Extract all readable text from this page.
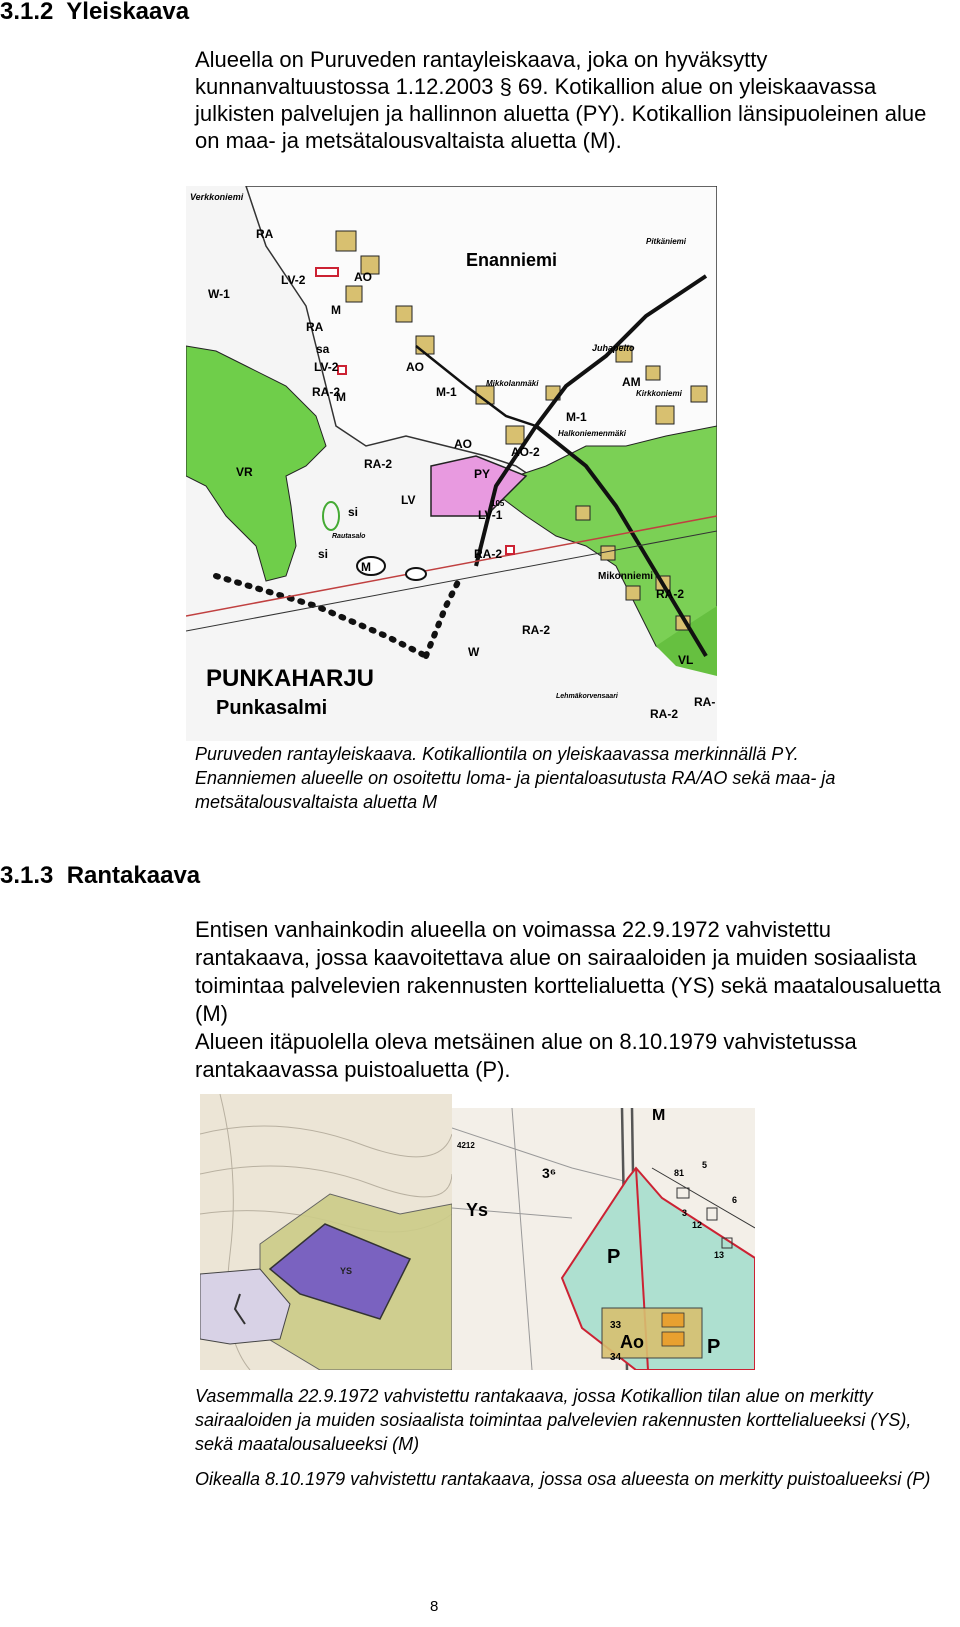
3.1.2  Yleiskaava

Alueella on Puruveden rantayleiskaava, joka on hyväksytty kunnanvaltuustossa 1.12.2003 § 69. Kotikallion alue on yleiskaavassa julkisten palvelujen ja hallinnon aluetta (PY). Kotikallion länsipuoleinen alue on maa- ja metsätalousvaltaista aluetta (M).

Verkkoniemi
Enanniemi
Pitkäniemi
Mikkolanmäki
Halkoniemenmäki
Kirkkoniemi
Juhapelto
Mikonniemi
Rautasalo
105
PUNKAHARJU
Punkasalmi
Lehmäkorvensaari
RA
AO
LV-2
W-1
M
RA
sa
LV-2
RA-2
AO
VR
M-1
AO-2
AO
M
AM
M-1
PY
LV
LV-1
RA-2
RA-2
si
si
M
W
RA-2
RA-2
VL
RA-2
RA-

Puruveden rantayleiskaava. Kotikalliontila on yleiskaavassa merkinnällä PY.

Enanniemen alueelle on osoitettu loma- ja pientaloasutusta RA/AO sekä maa- ja metsätalousvaltaista aluetta M

3.1.3  Rantakaava

Entisen vanhainkodin alueella on voimassa 22.9.1972 vahvistettu rantakaava, jossa kaavoitettava alue on sairaaloiden ja muiden sosiaalista toimintaa palvelevien rakennusten korttelialuetta (YS) sekä maatalousaluetta (M)

Alueen itäpuolella oleva metsäinen alue on 8.10.1979 vahvistetussa rantakaavassa puistoaluetta (P).

YS
M
Ys
4212
3⁶
P
P
Ao
33
34
81
5
6
12
13
3

Vasemmalla 22.9.1972 vahvistettu rantakaava, jossa Kotikallion tilan alue on merkitty sairaaloiden ja muiden sosiaalista toimintaa palvelevien rakennusten korttelialueeksi (YS), sekä maatalousalueeksi (M)

Oikealla 8.10.1979 vahvistettu rantakaava, jossa osa alueesta on merkitty puistoalueeksi (P)

8
